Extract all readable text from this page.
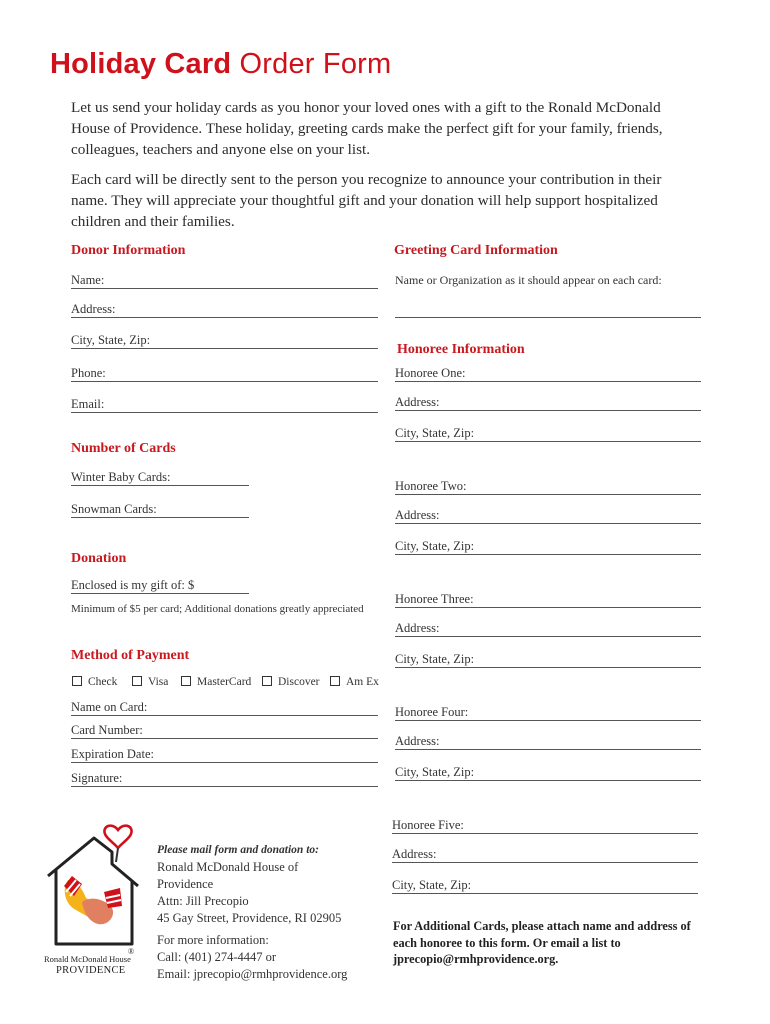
Holiday Card Order Form
Let us send your holiday cards as you honor your loved ones with a gift to the Ronald McDonald House of Providence. These holiday, greeting cards make the perfect gift for your family, friends, colleagues, teachers and anyone else on your list.
Each card will be directly sent to the person you recognize to announce your contribution in their name. They will appreciate your thoughtful gift and your donation will help support hospitalized children and their families.
Donor Information
Name:
Address:
City, State, Zip:
Phone:
Email:
Number of Cards
Winter Baby Cards:
Snowman Cards:
Donation
Enclosed is my gift of: $
Minimum of $5 per card; Additional donations greatly appreciated
Method of Payment
Check	Visa	MasterCard	Discover	Am Ex
Name on Card:
Card Number:
Expiration Date:
Signature:
®
Ronald McDonald House
PROVIDENCE
Please mail form and donation to:
Ronald McDonald House of
Providence
Attn: Jill Precopio
45 Gay Street, Providence, RI 02905
For more information:
Call: (401) 274-4447 or
Email: jprecopio@rmhprovidence.org
Greeting Card Information
Name or Organization as it should appear on each card:
Honoree Information
Honoree One:
Address:
City, State, Zip:
Honoree Two:
Address:
City, State, Zip:
Honoree Three:
Address:
City, State, Zip:
Honoree Four:
Address:
City, State, Zip:
Honoree Five:
Address:
City, State, Zip:
For Additional Cards, please attach name and address of each honoree to this form. Or email a list to jprecopio@rmhprovidence.org.
